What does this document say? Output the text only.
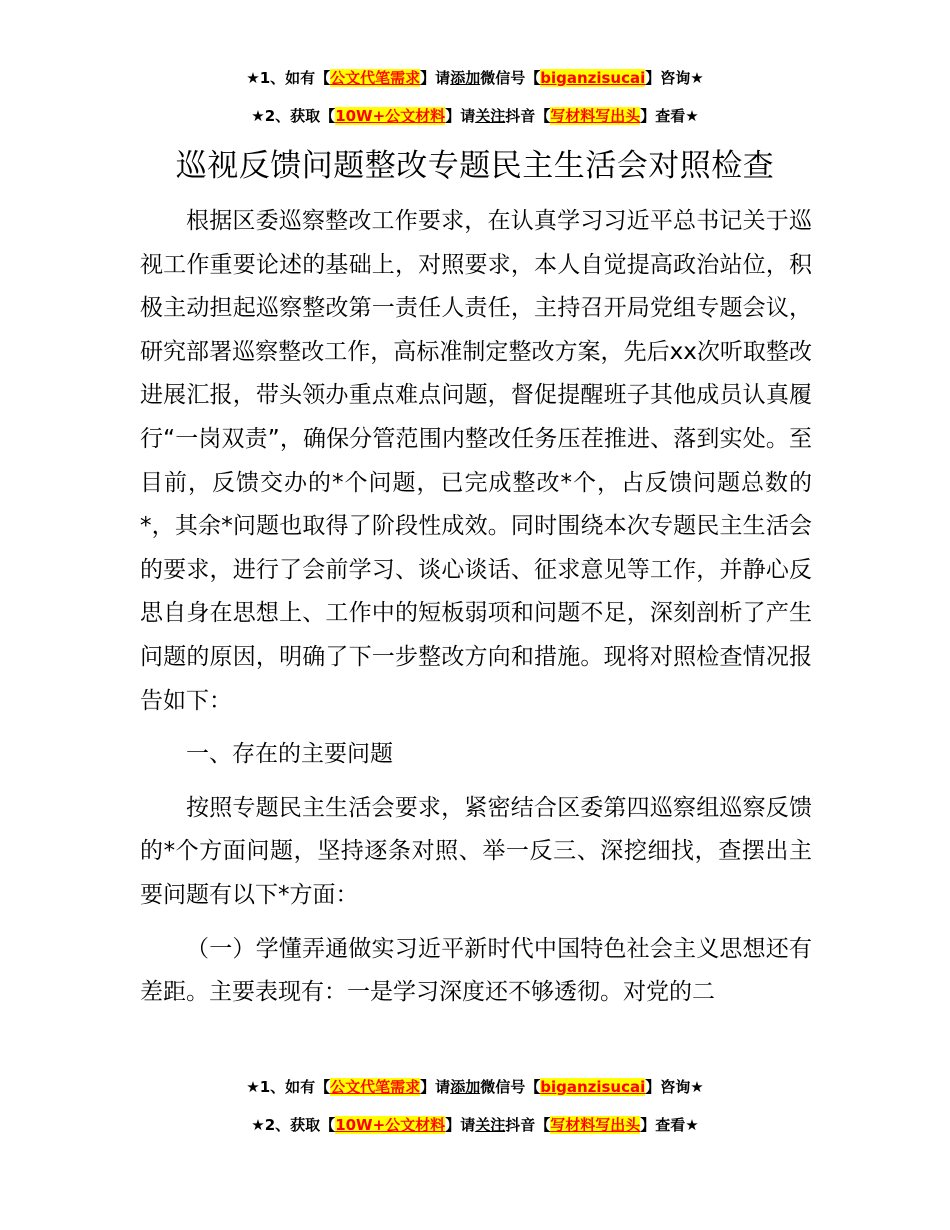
★1、如有【公文代笔需求】请添加微信号【biganzisucai】咨询★
★2、获取【10W+公文材料】请关注抖音【写材料写出头】查看★
巡视反馈问题整改专题民主生活会对照检查

根据区委巡察整改工作要求，在认真学习习近平总书记关于巡视工作重要论述的基础上，对照要求，本人自觉提高政治站位，积极主动担起巡察整改第一责任人责任，主持召开局党组专题会议，研究部署巡察整改工作，高标准制定整改方案，先后xx次听取整改进展汇报，带头领办重点难点问题，督促提醒班子其他成员认真履行“一岗双责”，确保分管范围内整改任务压茬推进、落到实处。至目前，反馈交办的*个问题，已完成整改*个，占反馈问题总数的*，其余*问题也取得了阶段性成效。同时围绕本次专题民主生活会的要求，进行了会前学习、谈心谈话、征求意见等工作，并静心反思自身在思想上、工作中的短板弱项和问题不足，深刻剖析了产生问题的原因，明确了下一步整改方向和措施。现将对照检查情况报告如下：

一、存在的主要问题

按照专题民主生活会要求，紧密结合区委第四巡察组巡察反馈的*个方面问题，坚持逐条对照、举一反三、深挖细找，查摆出主要问题有以下*方面：

（一）学懂弄通做实习近平新时代中国特色社会主义思想还有差距。主要表现有：一是学习深度还不够透彻。对党的二

★1、如有【公文代笔需求】请添加微信号【biganzisucai】咨询★
★2、获取【10W+公文材料】请关注抖音【写材料写出头】查看★
